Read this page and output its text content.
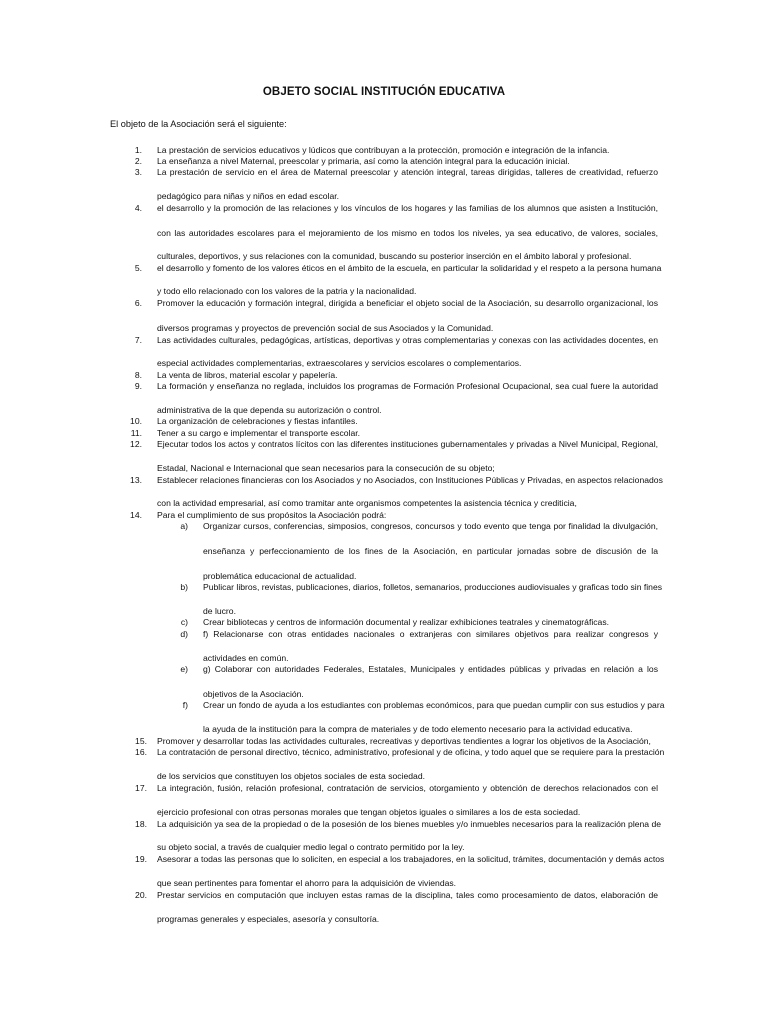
OBJETO SOCIAL INSTITUCIÓN EDUCATIVA
El objeto de la Asociación será el siguiente:
1. La prestación de servicios educativos y lúdicos que contribuyan a la protección, promoción e integración de la infancia.
2. La enseñanza a nivel Maternal, preescolar y primaria, así como la atención integral para la educación inicial.
3. La prestación de servicio en el área de Maternal preescolar y atención integral, tareas dirigidas, talleres de creatividad, refuerzo
pedagógico para niñas y niños en edad escolar.
4. el desarrollo y la promoción de las relaciones y los vínculos de los hogares y las familias de los alumnos que asisten a Institución,
con las autoridades escolares para el mejoramiento de los mismo en todos los niveles, ya sea educativo, de valores, sociales,
culturales, deportivos, y sus relaciones con la comunidad, buscando su posterior inserción en el ámbito laboral y profesional.
5. el desarrollo y fomento de los valores éticos en el ámbito de la escuela, en particular la solidaridad y el respeto a la persona humana
y todo ello relacionado con los valores de la patria y la nacionalidad.
6. Promover la educación y formación integral, dirigida a beneficiar el objeto social de la Asociación, su desarrollo organizacional, los
diversos programas y proyectos de prevención social de sus Asociados y la Comunidad.
7. Las actividades culturales, pedagógicas, artísticas, deportivas y otras complementarias y conexas con las actividades docentes, en
especial actividades complementarias, extraescolares y servicios escolares o complementarios.
8. La venta de libros, material escolar y papelería.
9. La formación y enseñanza no reglada, incluidos los programas de Formación Profesional Ocupacional, sea cual fuere la autoridad
administrativa de la que dependa su autorización o control.
10. La organización de celebraciones y fiestas infantiles.
11. Tener a su cargo e implementar el transporte escolar.
12. Ejecutar todos los actos y contratos lícitos con las diferentes instituciones gubernamentales y privadas a Nivel Municipal, Regional,
Estadal, Nacional e Internacional que sean necesarios para la consecución de su objeto;
13. Establecer relaciones financieras con los Asociados y no Asociados, con Instituciones Públicas y Privadas, en aspectos relacionados
con la actividad empresarial, así como tramitar ante organismos competentes la asistencia técnica y crediticia,
14. Para el cumplimiento de sus propósitos la Asociación podrá:
a) Organizar cursos, conferencias, simposios, congresos, concursos y todo evento que tenga por finalidad la divulgación,
enseñanza y perfeccionamiento de los fines de la Asociación, en particular jornadas sobre de discusión de la
problemática educacional de actualidad.
b) Publicar libros, revistas, publicaciones, diarios, folletos, semanarios, producciones audiovisuales y graficas todo sin fines
de lucro.
c) Crear bibliotecas y centros de información documental y realizar exhibiciones teatrales y cinematográficas.
d) f) Relacionarse con otras entidades nacionales o extranjeras con similares objetivos para realizar congresos y
actividades en común.
e) g) Colaborar con autoridades Federales, Estatales, Municipales y entidades públicas y privadas en relación a los
objetivos de la Asociación.
f) Crear un fondo de ayuda a los estudiantes con problemas económicos, para que puedan cumplir con sus estudios y para
la ayuda de la institución para la compra de materiales y de todo elemento necesario para la actividad educativa.
15. Promover y desarrollar todas las actividades culturales, recreativas y deportivas tendientes a lograr los objetivos de la Asociación,
16. La contratación de personal directivo, técnico, administrativo, profesional y de oficina, y todo aquel que se requiere para la prestación
de los servicios que constituyen los objetos sociales de esta sociedad.
17. La integración, fusión, relación profesional, contratación de servicios, otorgamiento y obtención de derechos relacionados con el
ejercicio profesional con otras personas morales que tengan objetos iguales o similares a los de esta sociedad.
18. La adquisición ya sea de la propiedad o de la posesión de los bienes muebles y/o inmuebles necesarios para la realización plena de
su objeto social, a través de cualquier medio legal o contrato permitido por la ley.
19. Asesorar a todas las personas que lo soliciten, en especial a los trabajadores, en la solicitud, trámites, documentación y demás actos
que sean pertinentes para fomentar el ahorro para la adquisición de viviendas.
20. Prestar servicios en computación que incluyen estas ramas de la disciplina, tales como procesamiento de datos, elaboración de
programas generales y especiales, asesoría y consultoría.
